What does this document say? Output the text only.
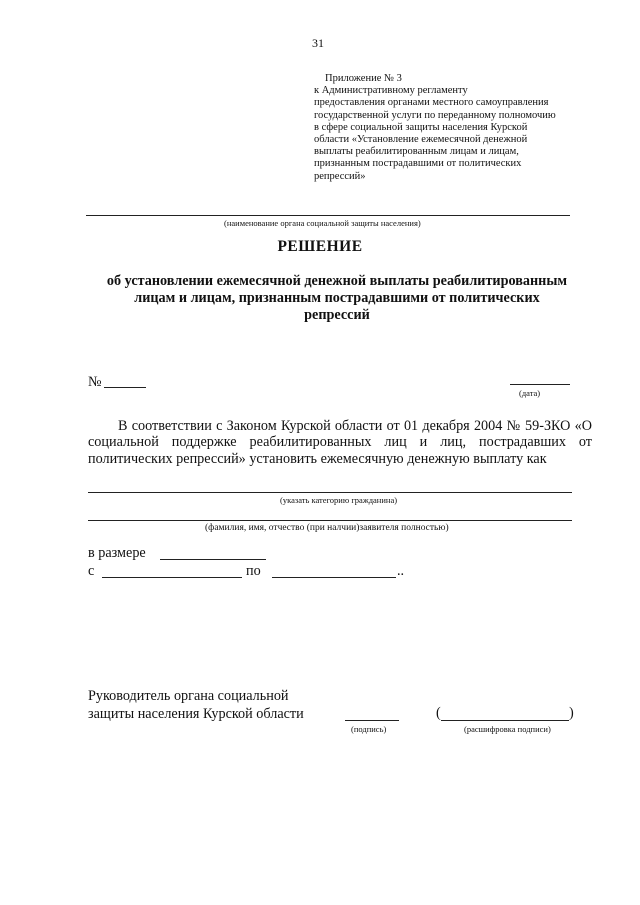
31
Приложение № 3
к Административному регламенту
предоставления органами местного самоуправления
государственной услуги по переданному полномочию
в сфере социальной защиты населения Курской
области «Установление ежемесячной денежной
выплаты реабилитированным лицам и лицам,
признанным пострадавшими от политических
репрессий»
(наименование органа социальной защиты населения)
РЕШЕНИЕ
об установлении ежемесячной денежной выплаты реабилитированным
лицам и лицам, признанным пострадавшими от политических
репрессий
№
(дата)

В соответствии с Законом Курской области от 01 декабря 2004 № 59-ЗКО «О социальной поддержке реабилитированных лиц и лиц, пострадавших от политических репрессий» установить ежемесячную денежную выплату как

(указать категорию гражданина)
(фамилия, имя, отчество (при налчии)заявителя полностью)
в размере
с	по	..
Руководитель органа социальной
защиты населения Курской области
(подпись)
(	)
(расшифровка подписи)
